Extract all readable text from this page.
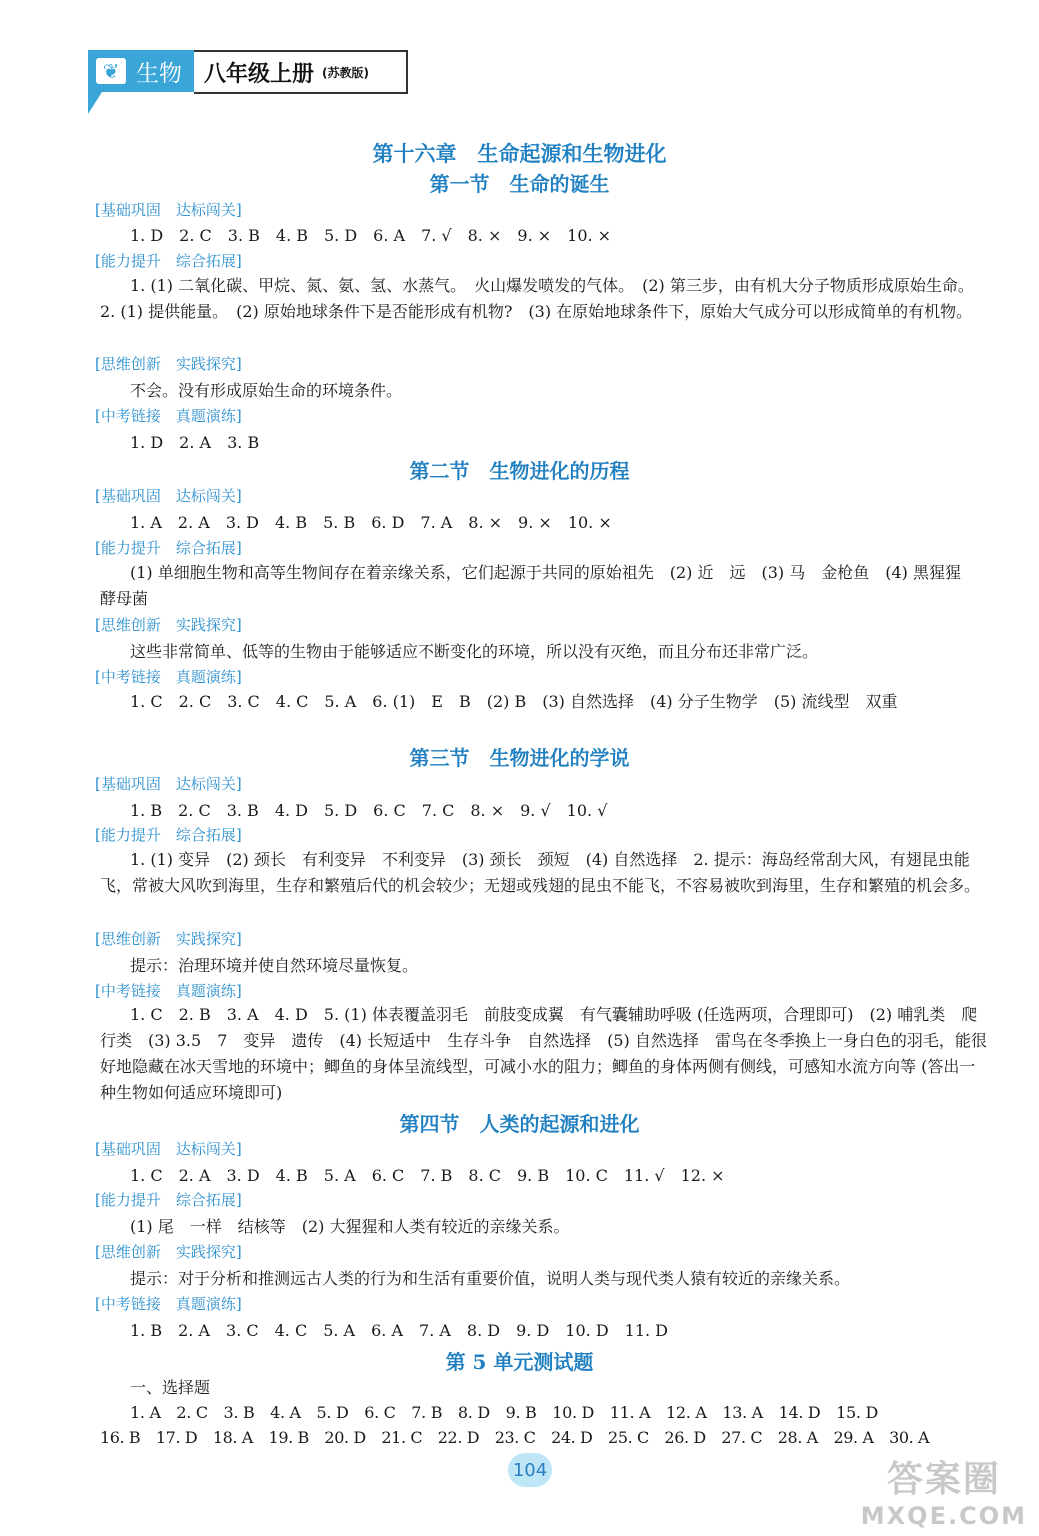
❦ 生物 八年级上册 (苏教版)
第十六章　生命起源和生物进化
第一节　生命的诞生
[基础巩固　达标闯关]
1. D　2. C　3. B　4. B　5. D　6. A　7. √　8. ×　9. ×　10. ×
[能力提升　综合拓展]
1. (1) 二氧化碳、甲烷、氮、氨、氢、水蒸气。　火山爆发喷发的气体。　(2) 第三步，由有机大分子物质形成原始生命。　2. (1) 提供能量。　(2) 原始地球条件下是否能形成有机物?　(3) 在原始地球条件下，原始大气成分可以形成简单的有机物。
[思维创新　实践探究]
不会。没有形成原始生命的环境条件。
[中考链接　真题演练]
1. D　2. A　3. B
第二节　生物进化的历程
[基础巩固　达标闯关]
1. A　2. A　3. D　4. B　5. B　6. D　7. A　8. ×　9. ×　10. ×
[能力提升　综合拓展]
(1) 单细胞生物和高等生物间存在着亲缘关系，它们起源于共同的原始祖先　(2) 近　远　(3) 马　金枪鱼　(4) 黑猩猩　酵母菌
[思维创新　实践探究]
这些非常简单、低等的生物由于能够适应不断变化的环境，所以没有灭绝，而且分布还非常广泛。
[中考链接　真题演练]
1. C　2. C　3. C　4. C　5. A　6. (1)　E　B　(2) B　(3) 自然选择　(4) 分子生物学　(5) 流线型　双重
第三节　生物进化的学说
[基础巩固　达标闯关]
1. B　2. C　3. B　4. D　5. D　6. C　7. C　8. ×　9. √　10. √
[能力提升　综合拓展]
1. (1) 变异　(2) 颈长　有利变异　不利变异　(3) 颈长　颈短　(4) 自然选择　2. 提示：海岛经常刮大风，有翅昆虫能飞，常被大风吹到海里，生存和繁殖后代的机会较少；无翅或残翅的昆虫不能飞，不容易被吹到海里，生存和繁殖的机会多。
[思维创新　实践探究]
提示：治理环境并使自然环境尽量恢复。
[中考链接　真题演练]
1. C　2. B　3. A　4. D　5. (1) 体表覆盖羽毛　前肢变成翼　有气囊辅助呼吸 (任选两项，合理即可)　(2) 哺乳类　爬行类　(3) 3.5　7　变异　遗传　(4) 长短适中　生存斗争　自然选择　(5) 自然选择　雷鸟在冬季换上一身白色的羽毛，能很好地隐藏在冰天雪地的环境中；鲫鱼的身体呈流线型，可减小水的阻力；鲫鱼的身体两侧有侧线，可感知水流方向等 (答出一种生物如何适应环境即可)
第四节　人类的起源和进化
[基础巩固　达标闯关]
1. C　2. A　3. D　4. B　5. A　6. C　7. B　8. C　9. B　10. C　11. √　12. ×
[能力提升　综合拓展]
(1) 尾　一样　结核等　(2) 大猩猩和人类有较近的亲缘关系。
[思维创新　实践探究]
提示：对于分析和推测远古人类的行为和生活有重要价值，说明人类与现代类人猿有较近的亲缘关系。
[中考链接　真题演练]
1. B　2. A　3. C　4. C　5. A　6. A　7. A　8. D　9. D　10. D　11. D
第 5 单元测试题
一、选择题
1. A　2. C　3. B　4. A　5. D　6. C　7. B　8. D　9. B　10. D　11. A　12. A　13. A　14. D　15. D
16. B　17. D　18. A　19. B　20. D　21. C　22. D　23. C　24. D　25. C　26. D　27. C　28. A　29. A　30. A
104	答案圈
MXQE.COM
